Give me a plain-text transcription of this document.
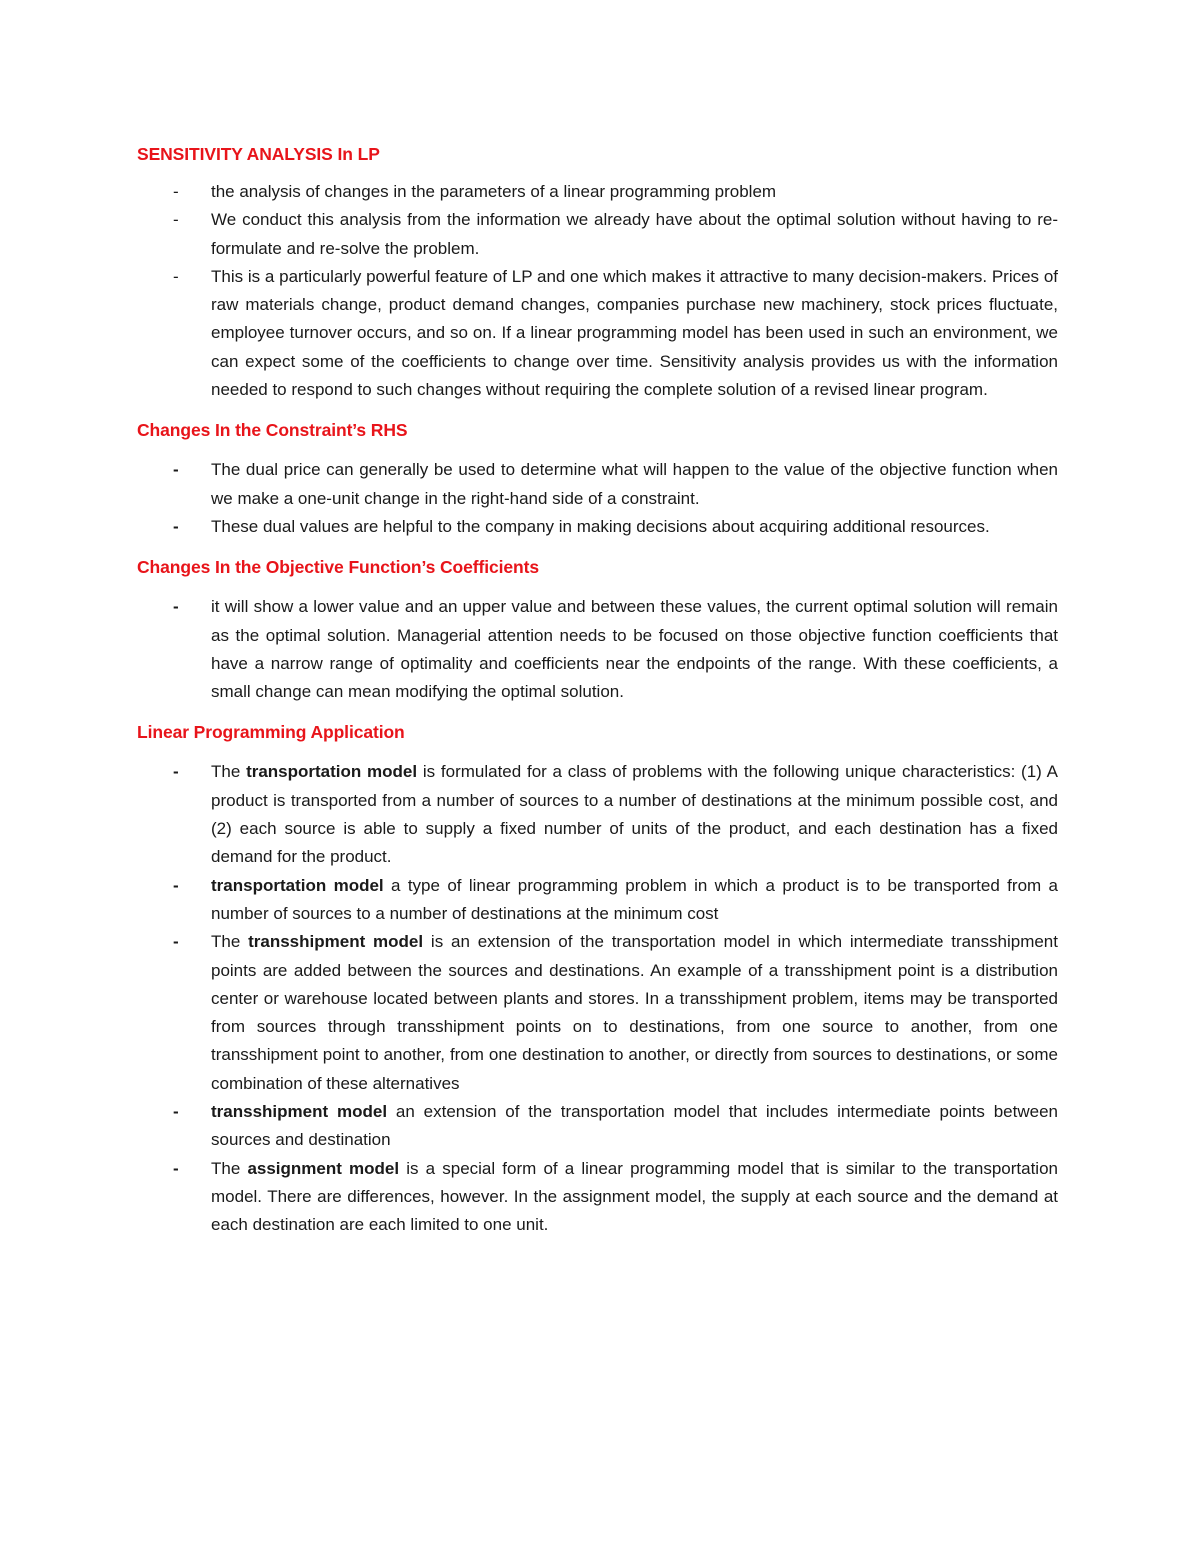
SENSITIVITY ANALYSIS In LP
-	the analysis of changes in the parameters of a linear programming problem
-	We conduct this analysis from the information we already have about the optimal solution without having to re-formulate and re-solve the problem.
-	This is a particularly powerful feature of LP and one which makes it attractive to many decision-makers. Prices of raw materials change, product demand changes, companies purchase new machinery, stock prices fluctuate, employee turnover occurs, and so on. If a linear programming model has been used in such an environment, we can expect some of the coefficients to change over time. Sensitivity analysis provides us with the information needed to respond to such changes without requiring the complete solution of a revised linear program.
Changes In the Constraint’s RHS
-	The dual price can generally be used to determine what will happen to the value of the objective function when we make a one-unit change in the right-hand side of a constraint.
-	These dual values are helpful to the company in making decisions about acquiring additional resources.
Changes In the Objective Function’s Coefficients
-	it will show a lower value and an upper value and between these values, the current optimal solution will remain as the optimal solution. Managerial attention needs to be focused on those objective function coefficients that have a narrow range of optimality and coefficients near the endpoints of the range. With these coefficients, a small change can mean modifying the optimal solution.
Linear Programming Application
-	The transportation model is formulated for a class of problems with the following unique characteristics: (1) A product is transported from a number of sources to a number of destinations at the minimum possible cost, and (2) each source is able to supply a fixed number of units of the product, and each destination has a fixed demand for the product.
-	transportation model a type of linear programming problem in which a product is to be transported from a number of sources to a number of destinations at the minimum cost
-	The transshipment model is an extension of the transportation model in which intermediate transshipment points are added between the sources and destinations. An example of a transshipment point is a distribution center or warehouse located between plants and stores. In a transshipment problem, items may be transported from sources through transshipment points on to destinations, from one source to another, from one transshipment point to another, from one destination to another, or directly from sources to destinations, or some combination of these alternatives
-	transshipment model an extension of the transportation model that includes intermediate points between sources and destination
-	The assignment model is a special form of a linear programming model that is similar to the transportation model. There are differences, however. In the assignment model, the supply at each source and the demand at each destination are each limited to one unit.
